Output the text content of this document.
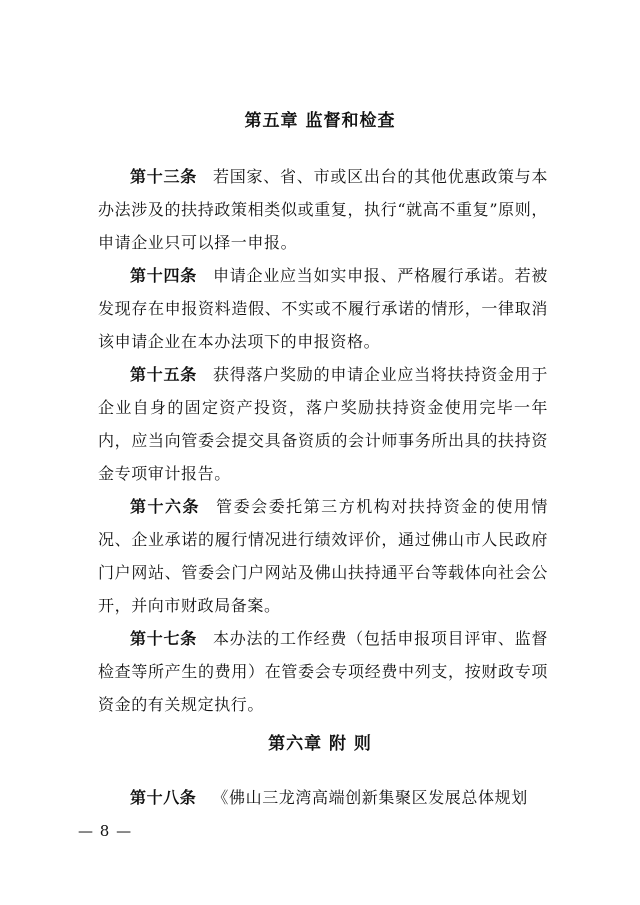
第五章 监督和检查

第十三条 若国家、省、市或区出台的其他优惠政策与本办法涉及的扶持政策相类似或重复，执行“就高不重复”原则，申请企业只可以择一申报。

第十四条 申请企业应当如实申报、严格履行承诺。若被发现存在申报资料造假、不实或不履行承诺的情形，一律取消该申请企业在本办法项下的申报资格。

第十五条 获得落户奖励的申请企业应当将扶持资金用于企业自身的固定资产投资，落户奖励扶持资金使用完毕一年内，应当向管委会提交具备资质的会计师事务所出具的扶持资金专项审计报告。

第十六条 管委会委托第三方机构对扶持资金的使用情况、企业承诺的履行情况进行绩效评价，通过佛山市人民政府门户网站、管委会门户网站及佛山扶持通平台等载体向社会公开，并向市财政局备案。

第十七条 本办法的工作经费（包括申报项目评审、监督检查等所产生的费用）在管委会专项经费中列支，按财政专项资金的有关规定执行。

第六章 附 则

第十八条 《佛山三龙湾高端创新集聚区发展总体规划

— 8 —
